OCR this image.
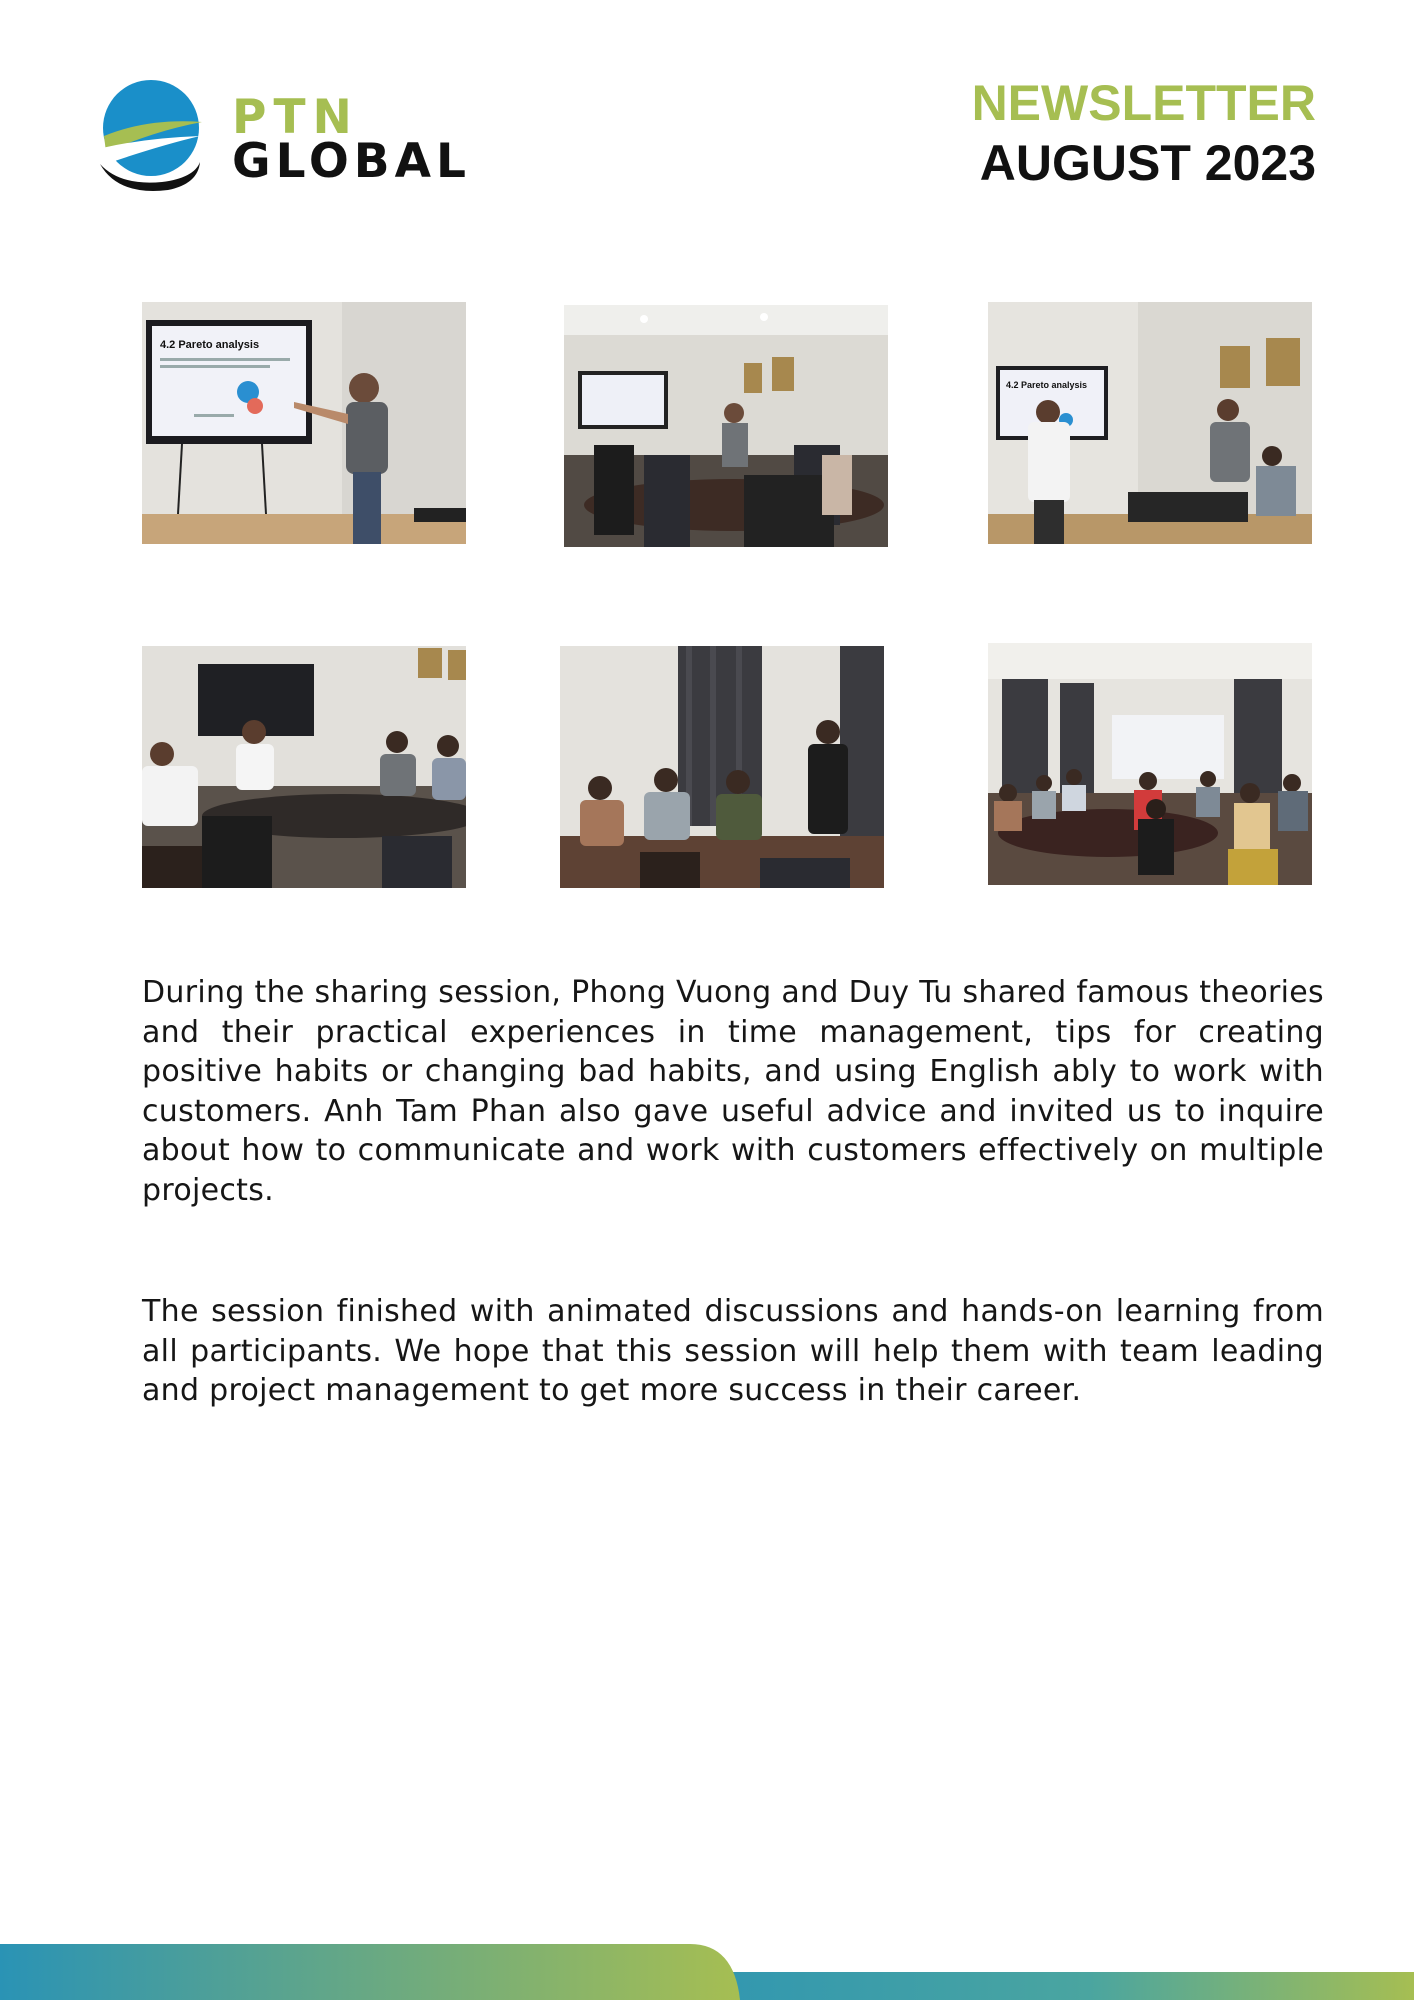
PTN
GLOBAL
NEWSLETTER
AUGUST 2023
4.2 Pareto analysis
4.2 Pareto analysis

During the sharing session, Phong Vuong and Duy Tu shared famous theories and their practical experiences in time management, tips for creating positive habits or changing bad habits, and using English ably to work with customers. Anh Tam Phan also gave useful advice and invited us to inquire about how to communicate and work with customers effectively on multiple projects.

The session finished with animated discussions and hands-on learning from all participants. We hope that this session will help them with team leading and project management to get more success in their career.
